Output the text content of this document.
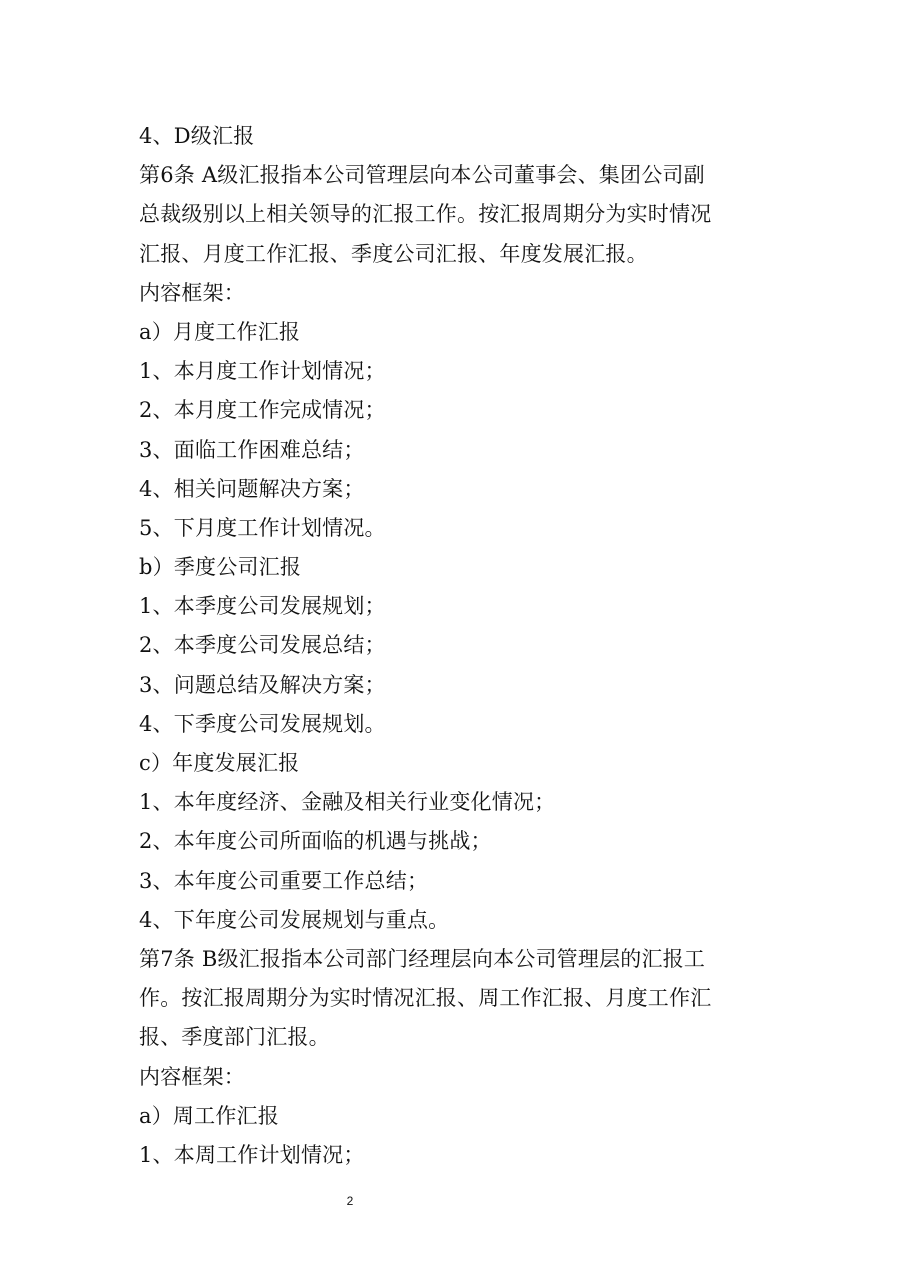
4、D级汇报
第6条 A级汇报指本公司管理层向本公司董事会、集团公司副
总裁级别以上相关领导的汇报工作。按汇报周期分为实时情况
汇报、月度工作汇报、季度公司汇报、年度发展汇报。
内容框架：
a）月度工作汇报
1、本月度工作计划情况；
2、本月度工作完成情况；
3、面临工作困难总结；
4、相关问题解决方案；
5、下月度工作计划情况。
b）季度公司汇报
1、本季度公司发展规划；
2、本季度公司发展总结；
3、问题总结及解决方案；
4、下季度公司发展规划。
c）年度发展汇报
1、本年度经济、金融及相关行业变化情况；
2、本年度公司所面临的机遇与挑战；
3、本年度公司重要工作总结；
4、下年度公司发展规划与重点。
第7条 B级汇报指本公司部门经理层向本公司管理层的汇报工
作。按汇报周期分为实时情况汇报、周工作汇报、月度工作汇
报、季度部门汇报。
内容框架：
a）周工作汇报
1、本周工作计划情况；
2
